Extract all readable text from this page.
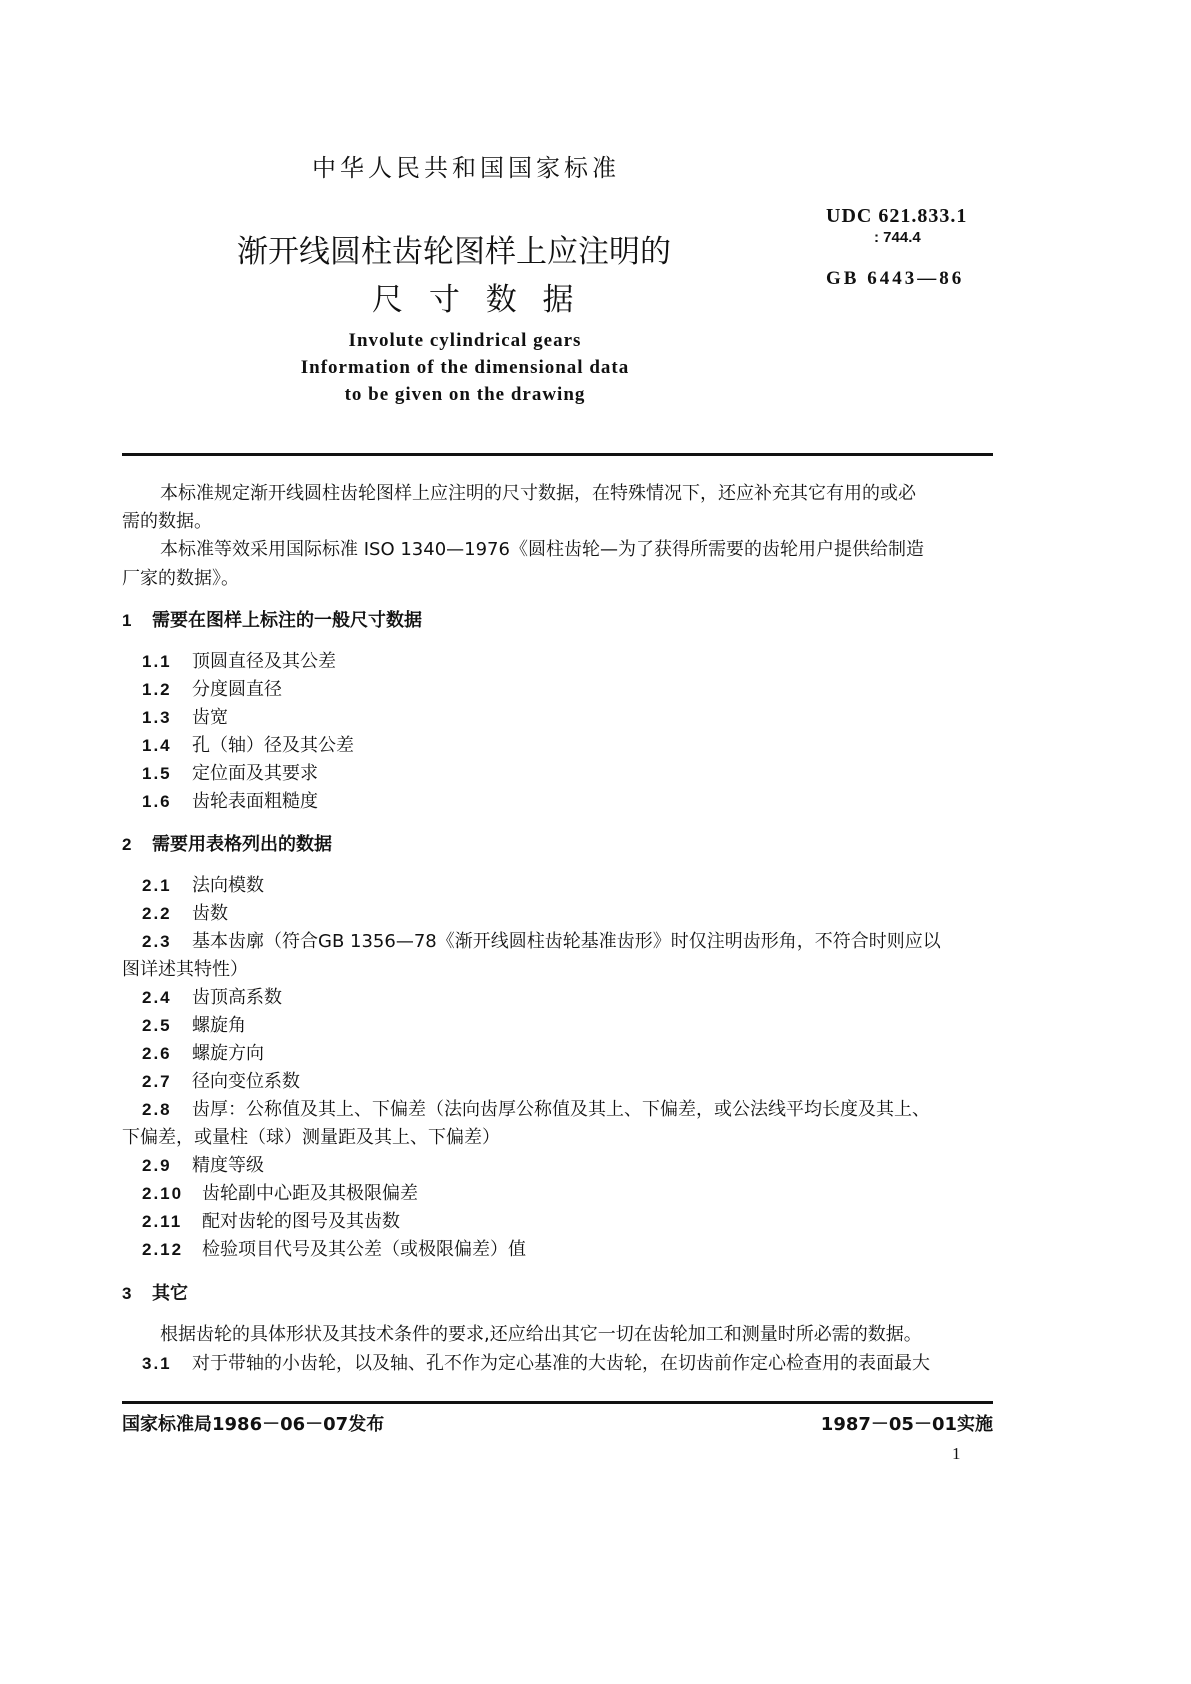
中华人民共和国国家标准
渐开线圆柱齿轮图样上应注明的
尺 寸 数 据
UDC 621.833.1
: 744.4
GB 6443—86
Involute cylindrical gears
Information of the dimensional data
to be given on the drawing
本标准规定渐开线圆柱齿轮图样上应注明的尺寸数据，在特殊情况下，还应补充其它有用的或必
需的数据。
本标准等效采用国际标准 ISO 1340—1976《圆柱齿轮—为了获得所需要的齿轮用户提供给制造
厂家的数据》。
1 需要在图样上标注的一般尺寸数据
1.1 顶圆直径及其公差
1.2 分度圆直径
1.3 齿宽
1.4 孔（轴）径及其公差
1.5 定位面及其要求
1.6 齿轮表面粗糙度
2 需要用表格列出的数据
2.1 法向模数
2.2 齿数
2.3 基本齿廓（符合GB 1356—78《渐开线圆柱齿轮基准齿形》时仅注明齿形角，不符合时则应以
图详述其特性）
2.4 齿顶高系数
2.5 螺旋角
2.6 螺旋方向
2.7 径向变位系数
2.8 齿厚：公称值及其上、下偏差（法向齿厚公称值及其上、下偏差，或公法线平均长度及其上、
下偏差，或量柱（球）测量距及其上、下偏差）
2.9 精度等级
2.10 齿轮副中心距及其极限偏差
2.11 配对齿轮的图号及其齿数
2.12 检验项目代号及其公差（或极限偏差）值
3 其它
根据齿轮的具体形状及其技术条件的要求,还应给出其它一切在齿轮加工和测量时所必需的数据。
3.1 对于带轴的小齿轮，以及轴、孔不作为定心基准的大齿轮，在切齿前作定心检查用的表面最大
国家标准局1986－06－07发布	1987－05－01实施
1
